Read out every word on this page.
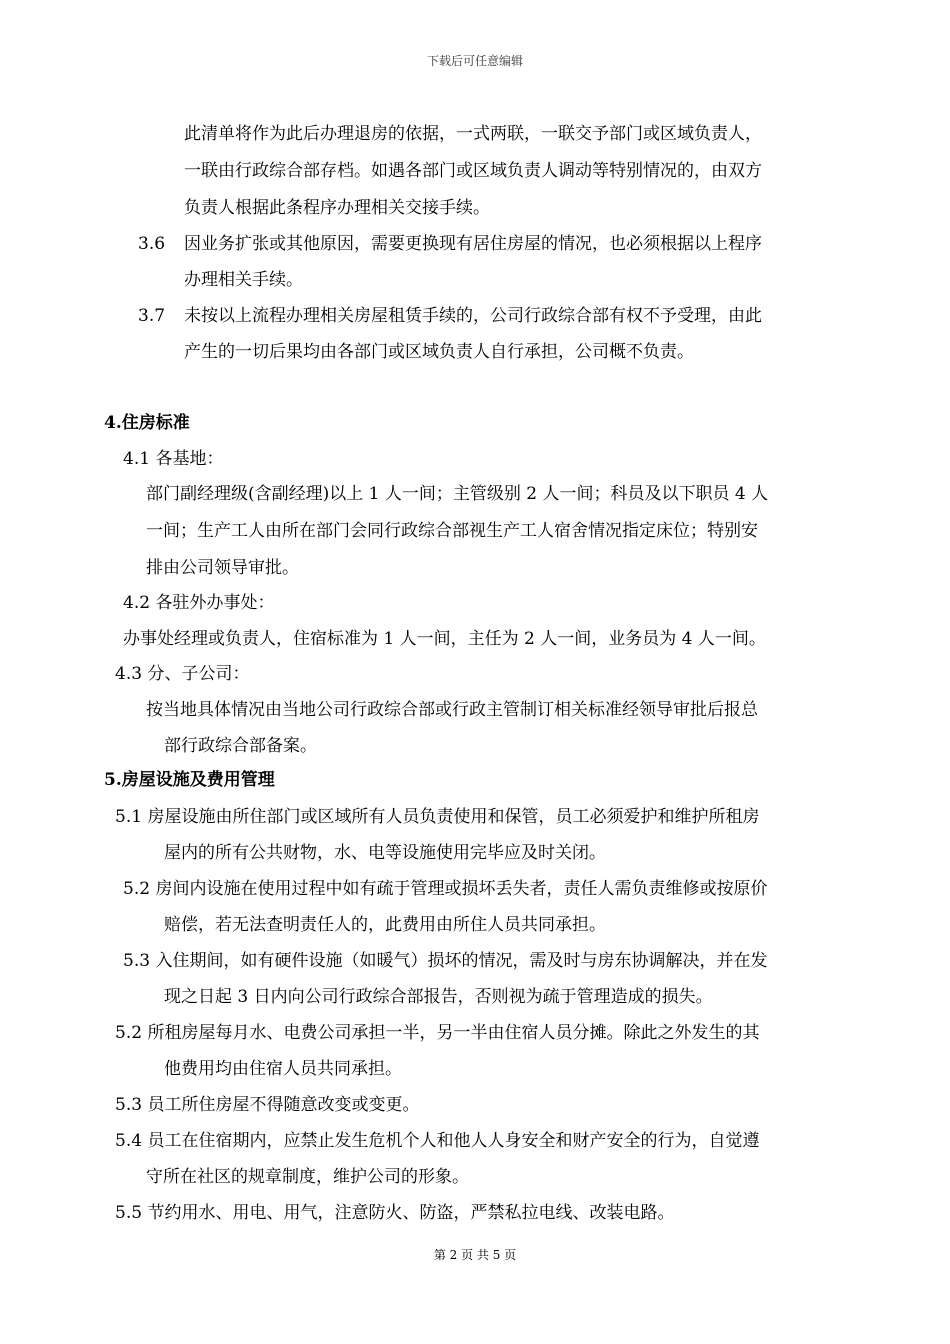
下载后可任意编辑
此清单将作为此后办理退房的依据，一式两联，一联交予部门或区域负责人，
一联由行政综合部存档。如遇各部门或区域负责人调动等特别情况的，由双方
负责人根据此条程序办理相关交接手续。
3.6 因业务扩张或其他原因，需要更换现有居住房屋的情况，也必须根据以上程序
办理相关手续。
3.7 未按以上流程办理相关房屋租赁手续的，公司行政综合部有权不予受理，由此
产生的一切后果均由各部门或区域负责人自行承担，公司概不负责。
4.住房标准
4.1 各基地：
部门副经理级(含副经理)以上 1 人一间；主管级别 2 人一间；科员及以下职员 4 人
一间；生产工人由所在部门会同行政综合部视生产工人宿舍情况指定床位；特别安
排由公司领导审批。
4.2 各驻外办事处：
办事处经理或负责人，住宿标准为 1 人一间，主任为 2 人一间，业务员为 4 人一间。
4.3 分、子公司：
按当地具体情况由当地公司行政综合部或行政主管制订相关标准经领导审批后报总
部行政综合部备案。
5.房屋设施及费用管理
5.1 房屋设施由所住部门或区域所有人员负责使用和保管，员工必须爱护和维护所租房
屋内的所有公共财物，水、电等设施使用完毕应及时关闭。
5.2 房间内设施在使用过程中如有疏于管理或损坏丢失者，责任人需负责维修或按原价
赔偿，若无法查明责任人的，此费用由所住人员共同承担。
5.3 入住期间，如有硬件设施（如暖气）损坏的情况，需及时与房东协调解决，并在发
现之日起 3 日内向公司行政综合部报告，否则视为疏于管理造成的损失。
5.2 所租房屋每月水、电费公司承担一半，另一半由住宿人员分摊。除此之外发生的其
他费用均由住宿人员共同承担。
5.3 员工所住房屋不得随意改变或变更。
5.4 员工在住宿期内，应禁止发生危机个人和他人人身安全和财产安全的行为，自觉遵
守所在社区的规章制度，维护公司的形象。
5.5 节约用水、用电、用气，注意防火、防盗，严禁私拉电线、改装电路。
第 2 页 共 5 页
